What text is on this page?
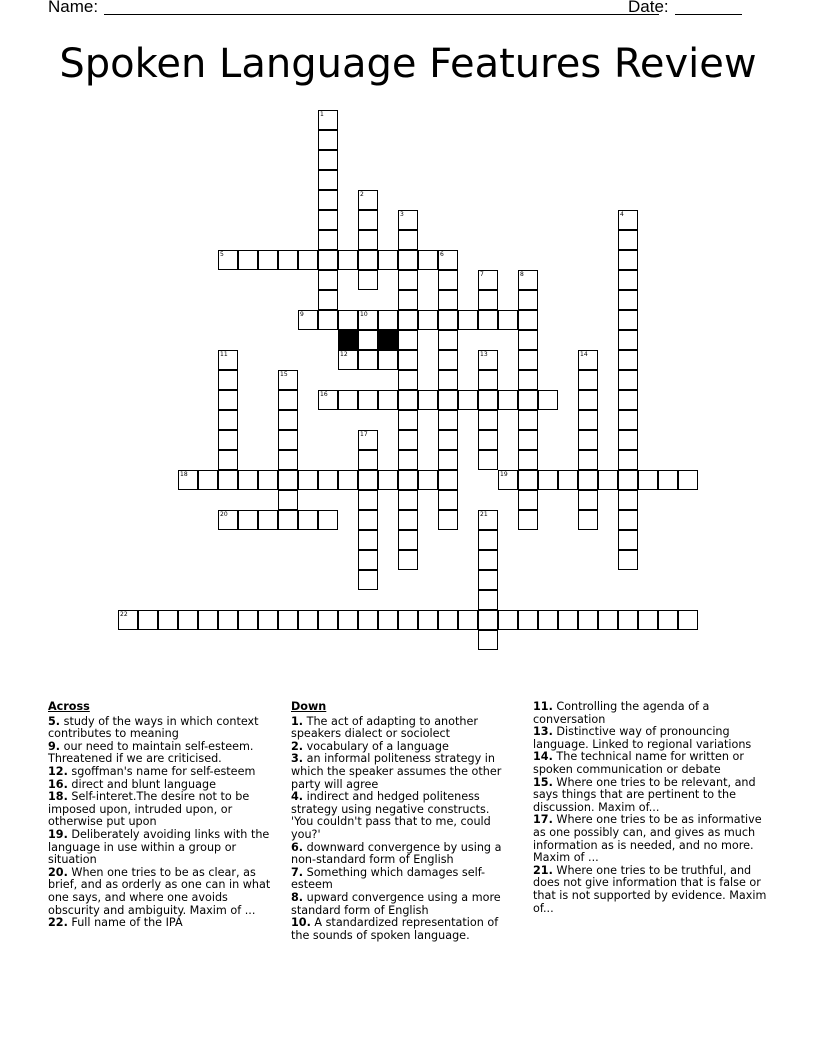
Name:	Date:
Spoken Language Features Review
1
2
3	4
5	6
7	8
9	10
12
11	13	14
15
16
17
18	19
20	21
22
Across
5. study of the ways in which context contributes to meaning
9. our need to maintain self-esteem. Threatened if we are criticised.
12. sgoffman's name for self-esteem
16. direct and blunt language
18. Self-interet.The desire not to be imposed upon, intruded upon, or otherwise put upon
19. Deliberately avoiding links with the language in use within a group or situation
20. When one tries to be as clear, as brief, and as orderly as one can in what one says, and where one avoids obscurity and ambiguity. Maxim of ...
22. Full name of the IPA
Down
1. The act of adapting to another speakers dialect or sociolect
2. vocabulary of a language
3. an informal politeness strategy in which the speaker assumes the other party will agree
4. indirect and hedged politeness strategy using negative constructs. 'You couldn't pass that to me, could you?'
6. downward convergence by using a non-standard form of English
7. Something which damages self-esteem
8. upward convergence using a more standard form of English
10. A standardized representation of the sounds of spoken language.
11. Controlling the agenda of a conversation
13. Distinctive way of pronouncing language. Linked to regional variations
14. The technical name for written or spoken communication or debate
15. Where one tries to be relevant, and says things that are pertinent to the discussion. Maxim of...
17. Where one tries to be as informative as one possibly can, and gives as much information as is needed, and no more. Maxim of ...
21. Where one tries to be truthful, and does not give information that is false or that is not supported by evidence. Maxim of...
